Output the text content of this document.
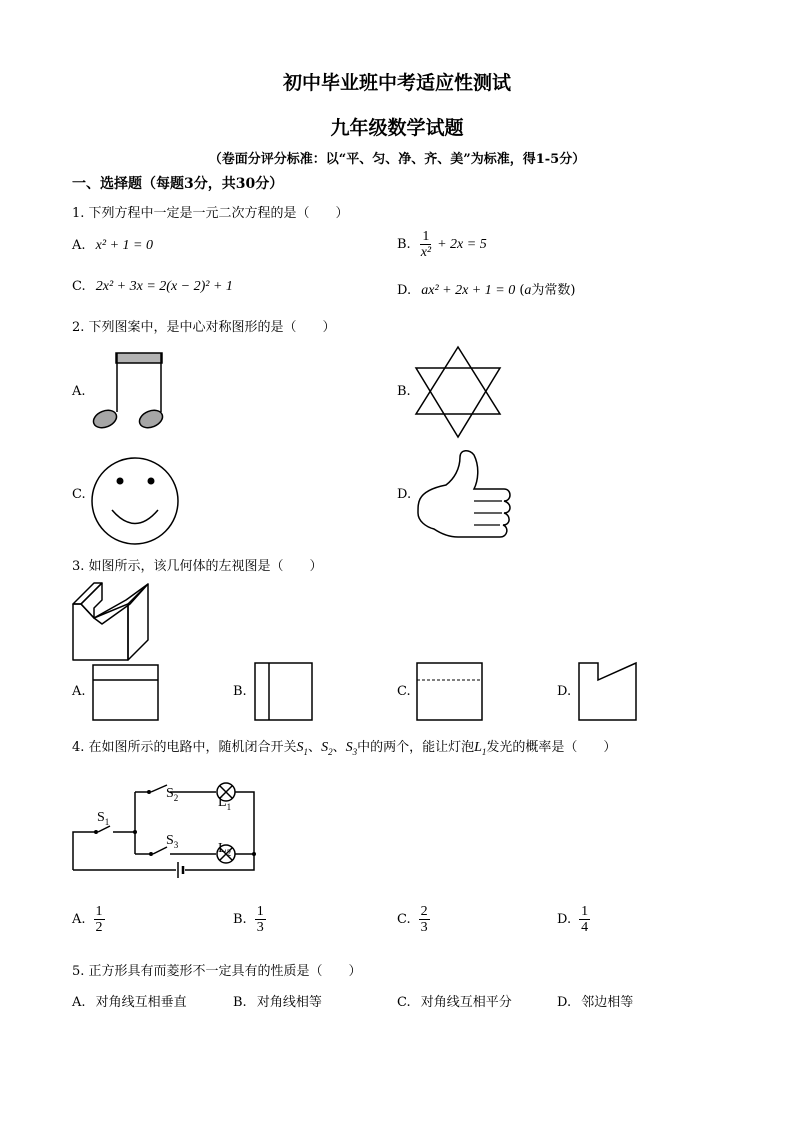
初中毕业班中考适应性测试
九年级数学试题
（卷面分评分标准：以“平、匀、净、齐、美”为标准，得1-5分）
一、选择题（每题3分，共30分）
1. 下列方程中一定是一元二次方程的是（　　）
A. x² + 1 = 0	B. $\frac{1}{\text{x²}} + 2x = 5$
C. 2x² + 3x = 2(x − 2)² + 1	D. ax² + 2x + 1 = 0 (a为常数)
2. 下列图案中，是中心对称图形的是（　　）
A.	B.
C.	D.
3. 如图所示，该几何体的左视图是（　　）
A.	B.	C.	D.
4. 在如图所示的电路中，随机闭合开关$S_1$、$S_2$、$S_3$中的两个，能让灯泡$L_1$发光的概率是（　　）
$S_1$
$S_2$
$S_3$
$L_1$
$L_2$
A. $\frac{1}{2}$	B. $\frac{1}{3}$	C. $\frac{2}{3}$	D. $\frac{1}{4}$
5. 正方形具有而菱形不一定具有的性质是（　　）
A. 对角线互相垂直	B. 对角线相等	C. 对角线互相平分	D. 邻边相等
